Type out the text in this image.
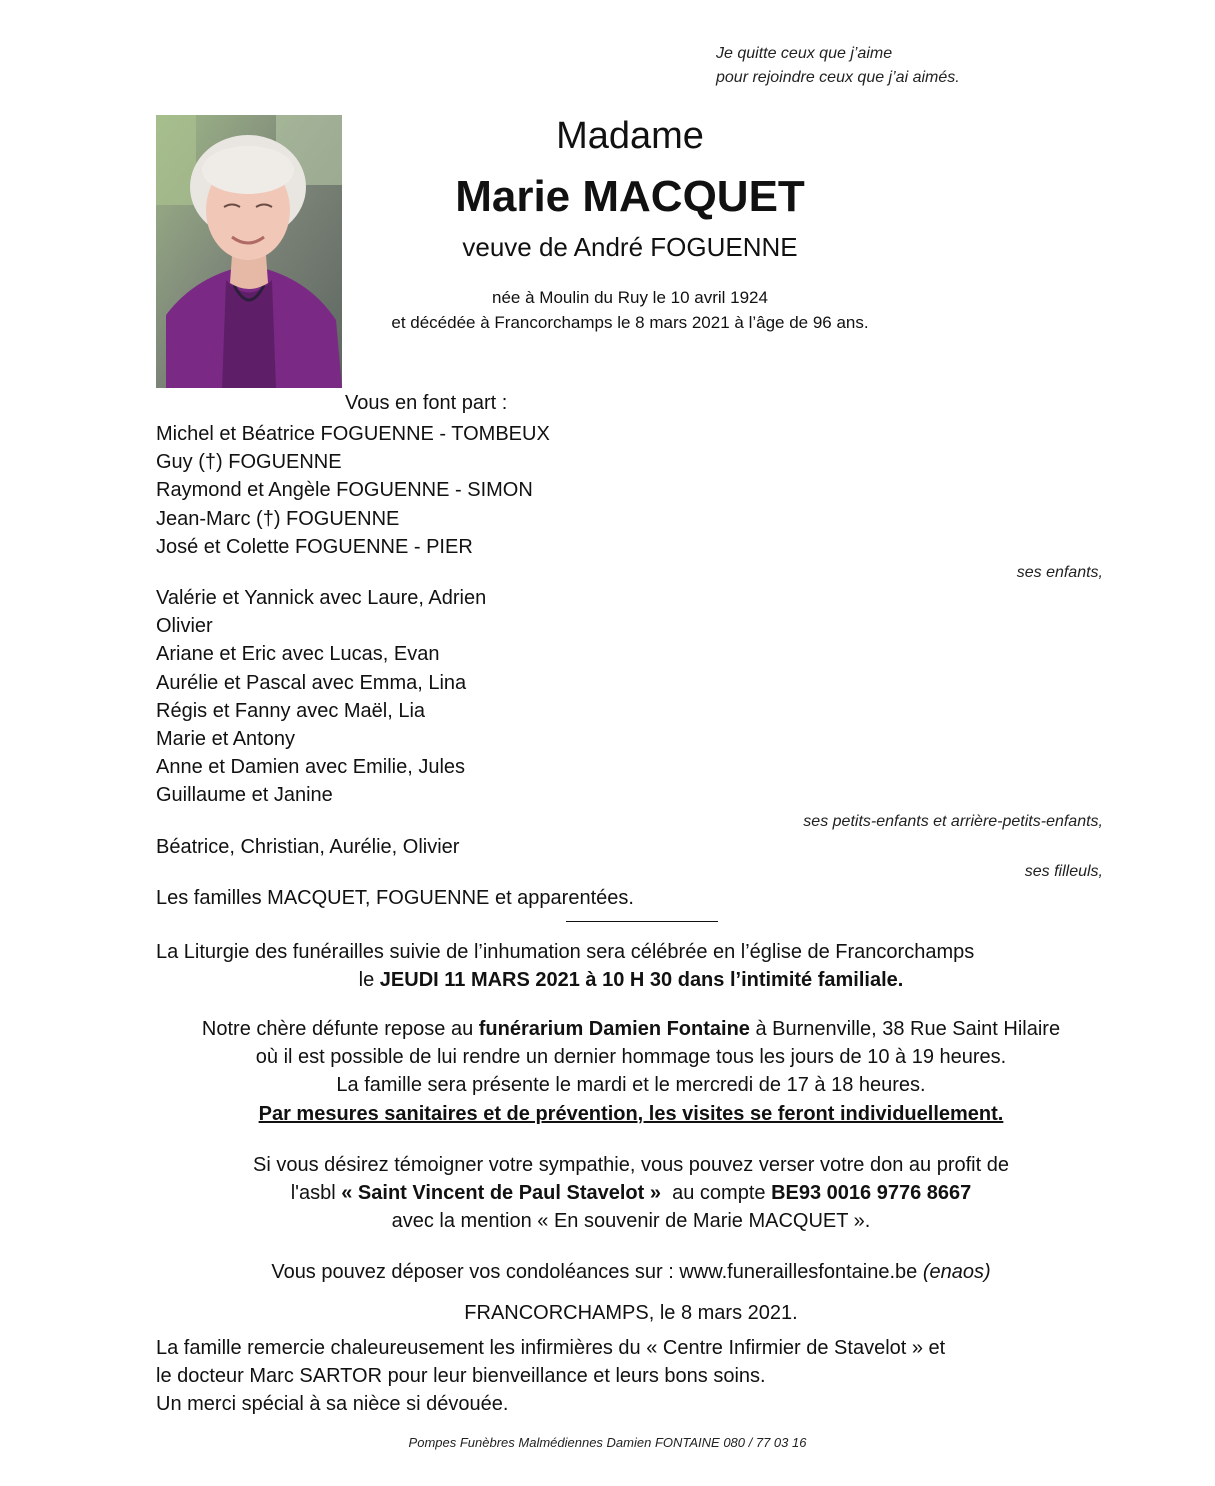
Je quitte ceux que j’aime
pour rejoindre ceux que j’ai aimés.
Madame
Marie MACQUET
veuve de André FOGUENNE
née à Moulin du Ruy le 10 avril 1924
et décédée à Francorchamps le 8 mars 2021 à l’âge de 96 ans.
Vous en font part :
Michel et Béatrice FOGUENNE - TOMBEUX
Guy (†) FOGUENNE
Raymond et Angèle FOGUENNE - SIMON
Jean-Marc (†) FOGUENNE
José et Colette FOGUENNE - PIER
ses enfants,
Valérie et Yannick avec Laure, Adrien
Olivier
Ariane et Eric avec Lucas, Evan
Aurélie et Pascal avec Emma, Lina
Régis et Fanny avec Maël, Lia
Marie et Antony
Anne et Damien avec Emilie, Jules
Guillaume et Janine
ses petits-enfants et arrière-petits-enfants,
Béatrice, Christian, Aurélie, Olivier
ses filleuls,
Les familles MACQUET, FOGUENNE et apparentées.
La Liturgie des funérailles suivie de l’inhumation sera célébrée en l’église de Francorchamps
le JEUDI 11 MARS 2021 à 10 H 30 dans l’intimité familiale.
Notre chère défunte repose au funérarium Damien Fontaine à Burnenville, 38 Rue Saint Hilaire
où il est possible de lui rendre un dernier hommage tous les jours de 10 à 19 heures.
La famille sera présente le mardi et le mercredi de 17 à 18 heures.
Par mesures sanitaires et de prévention, les visites se feront individuellement.
Si vous désirez témoigner votre sympathie, vous pouvez verser votre don au profit de
l'asbl « Saint Vincent de Paul Stavelot »  au compte BE93 0016 9776 8667
avec la mention « En souvenir de Marie MACQUET ».
Vous pouvez déposer vos condoléances sur : www.funeraillesfontaine.be (enaos)
FRANCORCHAMPS, le 8 mars 2021.
La famille remercie chaleureusement les infirmières du « Centre Infirmier de Stavelot » et
le docteur Marc SARTOR pour leur bienveillance et leurs bons soins.
Un merci spécial à sa nièce si dévouée.
Pompes Funèbres Malmédiennes Damien FONTAINE 080 / 77 03 16
